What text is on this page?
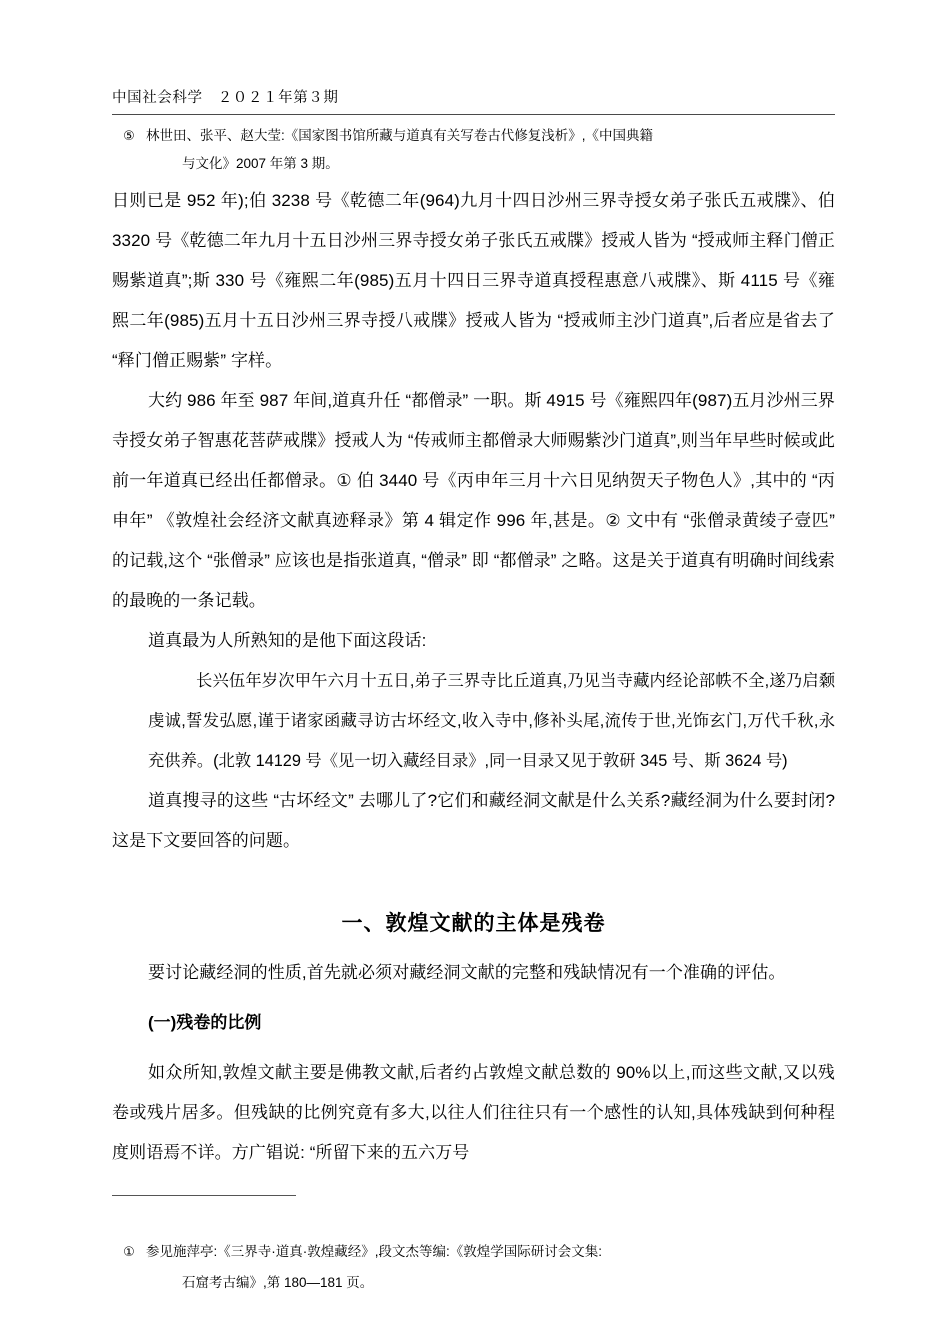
中国社会科学　２０２１年第３期
⑤ 林世田、张平、赵大莹:《国家图书馆所藏与道真有关写卷古代修复浅析》,《中国典籍
与文化》2007 年第 3 期。

日则已是 952 年);伯 3238 号《乾德二年(964)九月十四日沙州三界寺授女弟子张氏五戒牒》、伯 3320 号《乾德二年九月十五日沙州三界寺授女弟子张氏五戒牒》授戒人皆为 “授戒师主释门僧正赐紫道真”;斯 330 号《雍熙二年(985)五月十四日三界寺道真授程惠意八戒牒》、斯 4115 号《雍熙二年(985)五月十五日沙州三界寺授八戒牒》授戒人皆为 “授戒师主沙门道真”,后者应是省去了 “释门僧正赐紫” 字样。

大约 986 年至 987 年间,道真升任 “都僧录” 一职。斯 4915 号《雍熙四年(987)五月沙州三界寺授女弟子智惠花菩萨戒牒》授戒人为 “传戒师主都僧录大师赐紫沙门道真”,则当年早些时候或此前一年道真已经出任都僧录。① 伯 3440 号《丙申年三月十六日见纳贺天子物色人》,其中的 “丙申年” 《敦煌社会经济文献真迹释录》第 4 辑定作 996 年,甚是。② 文中有 “张僧录黄绫子壹匹” 的记载,这个 “张僧录” 应该也是指张道真, “僧录” 即 “都僧录” 之略。这是关于道真有明确时间线索的最晚的一条记载。

道真最为人所熟知的是他下面这段话:

长兴伍年岁次甲午六月十五日,弟子三界寺比丘道真,乃见当寺藏内经论部帙不全,遂乃启颡虔诚,誓发弘愿,谨于诸家函藏寻访古坏经文,收入寺中,修补头尾,流传于世,光饰玄门,万代千秋,永充供养。(北敦 14129 号《见一切入藏经目录》,同一目录又见于敦研 345 号、斯 3624 号)

道真搜寻的这些 “古坏经文” 去哪儿了?它们和藏经洞文献是什么关系?藏经洞为什么要封闭?这是下文要回答的问题。

一、敦煌文献的主体是残卷

要讨论藏经洞的性质,首先就必须对藏经洞文献的完整和残缺情况有一个准确的评估。

(一)残卷的比例

如众所知,敦煌文献主要是佛教文献,后者约占敦煌文献总数的 90%以上,而这些文献,又以残卷或残片居多。但残缺的比例究竟有多大,以往人们往往只有一个感性的认知,具体残缺到何种程度则语焉不详。方广锠说: “所留下来的五六万号

① 参见施萍亭:《三界寺·道真·敦煌藏经》,段文杰等编:《敦煌学国际研讨会文集:
石窟考古编》,第 180—181 页。
